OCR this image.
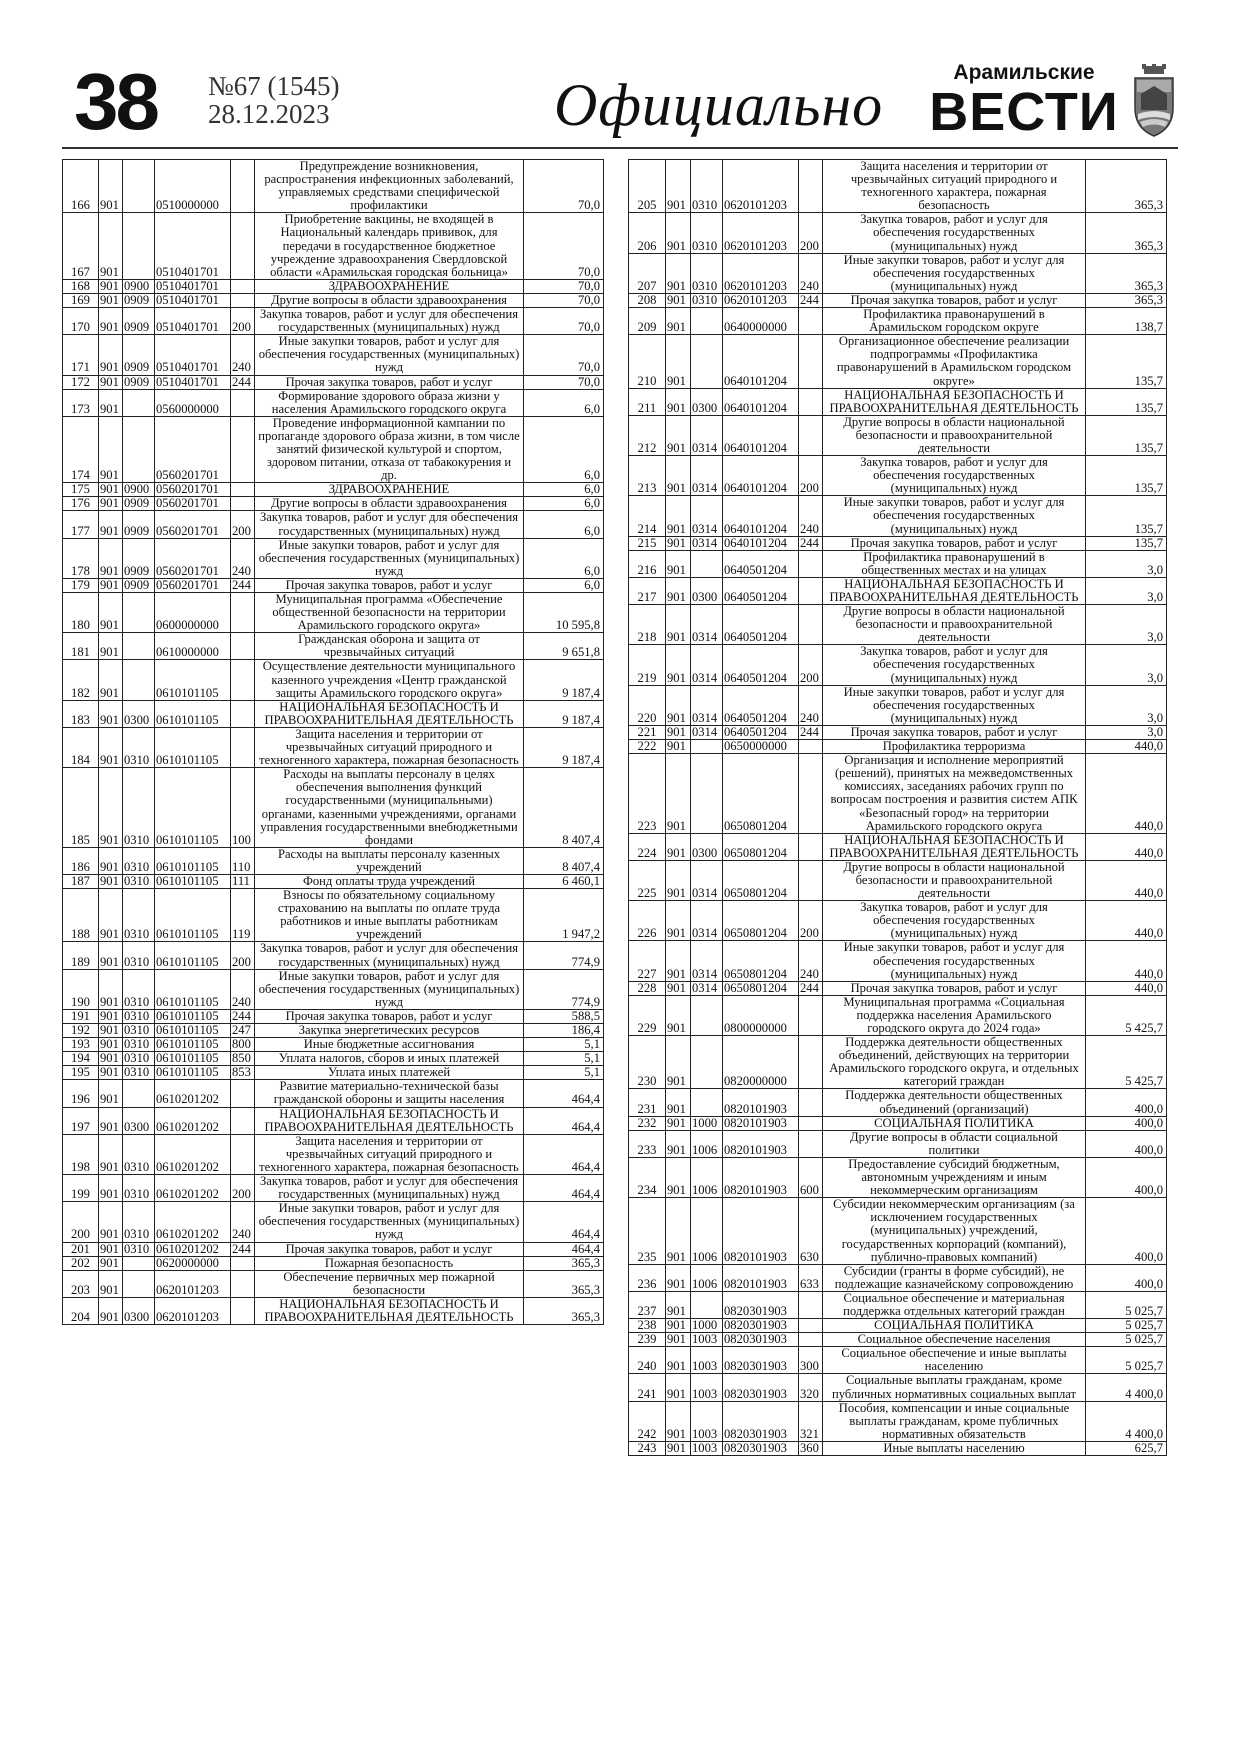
38 №67 (1545)
28.12.2023	Официально	Арамильские
ВЕСТИ
166	901		0510000000		Предупреждение возникновения, распространения инфекционных заболеваний, управляемых средствами специфической профилактики	70,0
167	901		0510401701		Приобретение вакцины, не входящей в Национальный календарь прививок, для передачи в государственное бюджетное учреждение здравоохранения Свердловской области «Арамильская городская больница»	70,0
168	901	0900	0510401701		ЗДРАВООХРАНЕНИЕ	70,0
169	901	0909	0510401701		Другие вопросы в области здравоохранения	70,0
170	901	0909	0510401701	200	Закупка товаров, работ и услуг для обеспечения государственных (муниципальных) нужд	70,0
171	901	0909	0510401701	240	Иные закупки товаров, работ и услуг для обеспечения государственных (муниципальных) нужд	70,0
172	901	0909	0510401701	244	Прочая закупка товаров, работ и услуг	70,0
173	901		0560000000		Формирование здорового образа жизни у населения Арамильского городского округа	6,0
174	901		0560201701		Проведение информационной кампании по пропаганде здорового образа жизни, в том числе занятий физической культурой и спортом, здоровом питании, отказа от табакокурения и др.	6,0
175	901	0900	0560201701		ЗДРАВООХРАНЕНИЕ	6,0
176	901	0909	0560201701		Другие вопросы в области здравоохранения	6,0
177	901	0909	0560201701	200	Закупка товаров, работ и услуг для обеспечения государственных (муниципальных) нужд	6,0
178	901	0909	0560201701	240	Иные закупки товаров, работ и услуг для обеспечения государственных (муниципальных) нужд	6,0
179	901	0909	0560201701	244	Прочая закупка товаров, работ и услуг	6,0
180	901		0600000000		Муниципальная программа «Обеспечение общественной безопасности на территории Арамильского городского округа»	10 595,8
181	901		0610000000		Гражданская оборона и защита от чрезвычайных ситуаций	9 651,8
182	901		0610101105		Осуществление деятельности муниципального казенного учреждения «Центр гражданской защиты Арамильского городского округа»	9 187,4
183	901	0300	0610101105		НАЦИОНАЛЬНАЯ БЕЗОПАСНОСТЬ И ПРАВООХРАНИТЕЛЬНАЯ ДЕЯТЕЛЬНОСТЬ	9 187,4
184	901	0310	0610101105		Защита населения и территории от чрезвычайных ситуаций природного и техногенного характера, пожарная безопасность	9 187,4
185	901	0310	0610101105	100	Расходы на выплаты персоналу в целях обеспечения выполнения функций государственными (муниципальными) органами, казенными учреждениями, органами управления государственными внебюджетными фондами	8 407,4
186	901	0310	0610101105	110	Расходы на выплаты персоналу казенных учреждений	8 407,4
187	901	0310	0610101105	111	Фонд оплаты труда учреждений	6 460,1
188	901	0310	0610101105	119	Взносы по обязательному социальному страхованию на выплаты по оплате труда работников и иные выплаты работникам учреждений	1 947,2
189	901	0310	0610101105	200	Закупка товаров, работ и услуг для обеспечения государственных (муниципальных) нужд	774,9
190	901	0310	0610101105	240	Иные закупки товаров, работ и услуг для обеспечения государственных (муниципальных) нужд	774,9
191	901	0310	0610101105	244	Прочая закупка товаров, работ и услуг	588,5
192	901	0310	0610101105	247	Закупка энергетических ресурсов	186,4
193	901	0310	0610101105	800	Иные бюджетные ассигнования	5,1
194	901	0310	0610101105	850	Уплата налогов, сборов и иных платежей	5,1
195	901	0310	0610101105	853	Уплата иных платежей	5,1
196	901		0610201202		Развитие материально-технической базы гражданской обороны и защиты населения	464,4
197	901	0300	0610201202		НАЦИОНАЛЬНАЯ БЕЗОПАСНОСТЬ И ПРАВООХРАНИТЕЛЬНАЯ ДЕЯТЕЛЬНОСТЬ	464,4
198	901	0310	0610201202		Защита населения и территории от чрезвычайных ситуаций природного и техногенного характера, пожарная безопасность	464,4
199	901	0310	0610201202	200	Закупка товаров, работ и услуг для обеспечения государственных (муниципальных) нужд	464,4
200	901	0310	0610201202	240	Иные закупки товаров, работ и услуг для обеспечения государственных (муниципальных) нужд	464,4
201	901	0310	0610201202	244	Прочая закупка товаров, работ и услуг	464,4
202	901		0620000000		Пожарная безопасность	365,3
203	901		0620101203		Обеспечение первичных мер пожарной безопасности	365,3
204	901	0300	0620101203		НАЦИОНАЛЬНАЯ БЕЗОПАСНОСТЬ И ПРАВООХРАНИТЕЛЬНАЯ ДЕЯТЕЛЬНОСТЬ	365,3
205	901	0310	0620101203		Защита населения и территории от чрезвычайных ситуаций природного и техногенного характера, пожарная безопасность	365,3
206	901	0310	0620101203	200	Закупка товаров, работ и услуг для обеспечения государственных (муниципальных) нужд	365,3
207	901	0310	0620101203	240	Иные закупки товаров, работ и услуг для обеспечения государственных (муниципальных) нужд	365,3
208	901	0310	0620101203	244	Прочая закупка товаров, работ и услуг	365,3
209	901		0640000000		Профилактика правонарушений в Арамильском городском округе	138,7
210	901		0640101204		Организационное обеспечение реализации подпрограммы «Профилактика правонарушений в Арамильском городском округе»	135,7
211	901	0300	0640101204		НАЦИОНАЛЬНАЯ БЕЗОПАСНОСТЬ И ПРАВООХРАНИТЕЛЬНАЯ ДЕЯТЕЛЬНОСТЬ	135,7
212	901	0314	0640101204		Другие вопросы в области национальной безопасности и правоохранительной деятельности	135,7
213	901	0314	0640101204	200	Закупка товаров, работ и услуг для обеспечения государственных (муниципальных) нужд	135,7
214	901	0314	0640101204	240	Иные закупки товаров, работ и услуг для обеспечения государственных (муниципальных) нужд	135,7
215	901	0314	0640101204	244	Прочая закупка товаров, работ и услуг	135,7
216	901		0640501204		Профилактика правонарушений в общественных местах и на улицах	3,0
217	901	0300	0640501204		НАЦИОНАЛЬНАЯ БЕЗОПАСНОСТЬ И ПРАВООХРАНИТЕЛЬНАЯ ДЕЯТЕЛЬНОСТЬ	3,0
218	901	0314	0640501204		Другие вопросы в области национальной безопасности и правоохранительной деятельности	3,0
219	901	0314	0640501204	200	Закупка товаров, работ и услуг для обеспечения государственных (муниципальных) нужд	3,0
220	901	0314	0640501204	240	Иные закупки товаров, работ и услуг для обеспечения государственных (муниципальных) нужд	3,0
221	901	0314	0640501204	244	Прочая закупка товаров, работ и услуг	3,0
222	901		0650000000		Профилактика терроризма	440,0
223	901		0650801204		Организация и исполнение мероприятий (решений), принятых на межведомственных комиссиях, заседаниях рабочих групп по вопросам построения и развития систем АПК «Безопасный город» на территории Арамильского городского округа	440,0
224	901	0300	0650801204		НАЦИОНАЛЬНАЯ БЕЗОПАСНОСТЬ И ПРАВООХРАНИТЕЛЬНАЯ ДЕЯТЕЛЬНОСТЬ	440,0
225	901	0314	0650801204		Другие вопросы в области национальной безопасности и правоохранительной деятельности	440,0
226	901	0314	0650801204	200	Закупка товаров, работ и услуг для обеспечения государственных (муниципальных) нужд	440,0
227	901	0314	0650801204	240	Иные закупки товаров, работ и услуг для обеспечения государственных (муниципальных) нужд	440,0
228	901	0314	0650801204	244	Прочая закупка товаров, работ и услуг	440,0
229	901		0800000000		Муниципальная программа «Социальная поддержка населения Арамильского городского округа до 2024 года»	5 425,7
230	901		0820000000		Поддержка деятельности общественных объединений, действующих на территории Арамильского городского округа, и отдельных категорий граждан	5 425,7
231	901		0820101903		Поддержка деятельности общественных объединений (организаций)	400,0
232	901	1000	0820101903		СОЦИАЛЬНАЯ ПОЛИТИКА	400,0
233	901	1006	0820101903		Другие вопросы в области социальной политики	400,0
234	901	1006	0820101903	600	Предоставление субсидий бюджетным, автономным учреждениям и иным некоммерческим организациям	400,0
235	901	1006	0820101903	630	Субсидии некоммерческим организациям (за исключением государственных (муниципальных) учреждений, государственных корпораций (компаний), публично-правовых компаний)	400,0
236	901	1006	0820101903	633	Субсидии (гранты в форме субсидий), не подлежащие казначейскому сопровождению	400,0
237	901		0820301903		Социальное обеспечение и материальная поддержка отдельных категорий граждан	5 025,7
238	901	1000	0820301903		СОЦИАЛЬНАЯ ПОЛИТИКА	5 025,7
239	901	1003	0820301903		Социальное обеспечение населения	5 025,7
240	901	1003	0820301903	300	Социальное обеспечение и иные выплаты населению	5 025,7
241	901	1003	0820301903	320	Социальные выплаты гражданам, кроме публичных нормативных социальных выплат	4 400,0
242	901	1003	0820301903	321	Пособия, компенсации и иные социальные выплаты гражданам, кроме публичных нормативных обязательств	4 400,0
243	901	1003	0820301903	360	Иные выплаты населению	625,7
